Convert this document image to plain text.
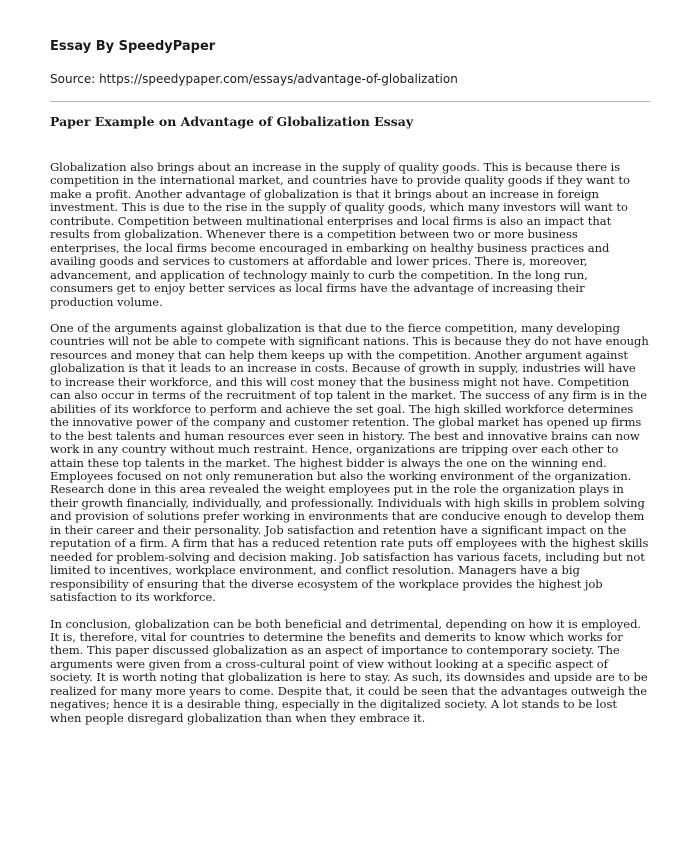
Essay By SpeedyPaper
Source: https://speedypaper.com/essays/advantage-of-globalization
Paper Example on Advantage of Globalization Essay

Globalization also brings about an increase in the supply of quality goods. This is because there is competition in the international market, and countries have to provide quality goods if they want to make a profit. Another advantage of globalization is that it brings about an increase in foreign investment. This is due to the rise in the supply of quality goods, which many investors will want to contribute. Competition between multinational enterprises and local firms is also an impact that results from globalization. Whenever there is a competition between two or more business enterprises, the local firms become encouraged in embarking on healthy business practices and availing goods and services to customers at affordable and lower prices. There is, moreover, advancement, and application of technology mainly to curb the competition. In the long run, consumers get to enjoy better services as local firms have the advantage of increasing their production volume.

One of the arguments against globalization is that due to the fierce competition, many developing countries will not be able to compete with significant nations. This is because they do not have enough resources and money that can help them keeps up with the competition. Another argument against globalization is that it leads to an increase in costs. Because of growth in supply, industries will have to increase their workforce, and this will cost money that the business might not have. Competition can also occur in terms of the recruitment of top talent in the market. The success of any firm is in the abilities of its workforce to perform and achieve the set goal. The high skilled workforce determines the innovative power of the company and customer retention. The global market has opened up firms to the best talents and human resources ever seen in history. The best and innovative brains can now work in any country without much restraint. Hence, organizations are tripping over each other to attain these top talents in the market. The highest bidder is always the one on the winning end. Employees focused on not only remuneration but also the working environment of the organization. Research done in this area revealed the weight employees put in the role the organization plays in their growth financially, individually, and professionally. Individuals with high skills in problem solving and provision of solutions prefer working in environments that are conducive enough to develop them in their career and their personality. Job satisfaction and retention have a significant impact on the reputation of a firm. A firm that has a reduced retention rate puts off employees with the highest skills needed for problem-solving and decision making. Job satisfaction has various facets, including but not limited to incentives, workplace environment, and conflict resolution. Managers have a big responsibility of ensuring that the diverse ecosystem of the workplace provides the highest job satisfaction to its workforce.

In conclusion, globalization can be both beneficial and detrimental, depending on how it is employed. It is, therefore, vital for countries to determine the benefits and demerits to know which works for them. This paper discussed globalization as an aspect of importance to contemporary society. The arguments were given from a cross-cultural point of view without looking at a specific aspect of society. It is worth noting that globalization is here to stay. As such, its downsides and upside are to be realized for many more years to come. Despite that, it could be seen that the advantages outweigh the negatives; hence it is a desirable thing, especially in the digitalized society. A lot stands to be lost when people disregard globalization than when they embrace it.
